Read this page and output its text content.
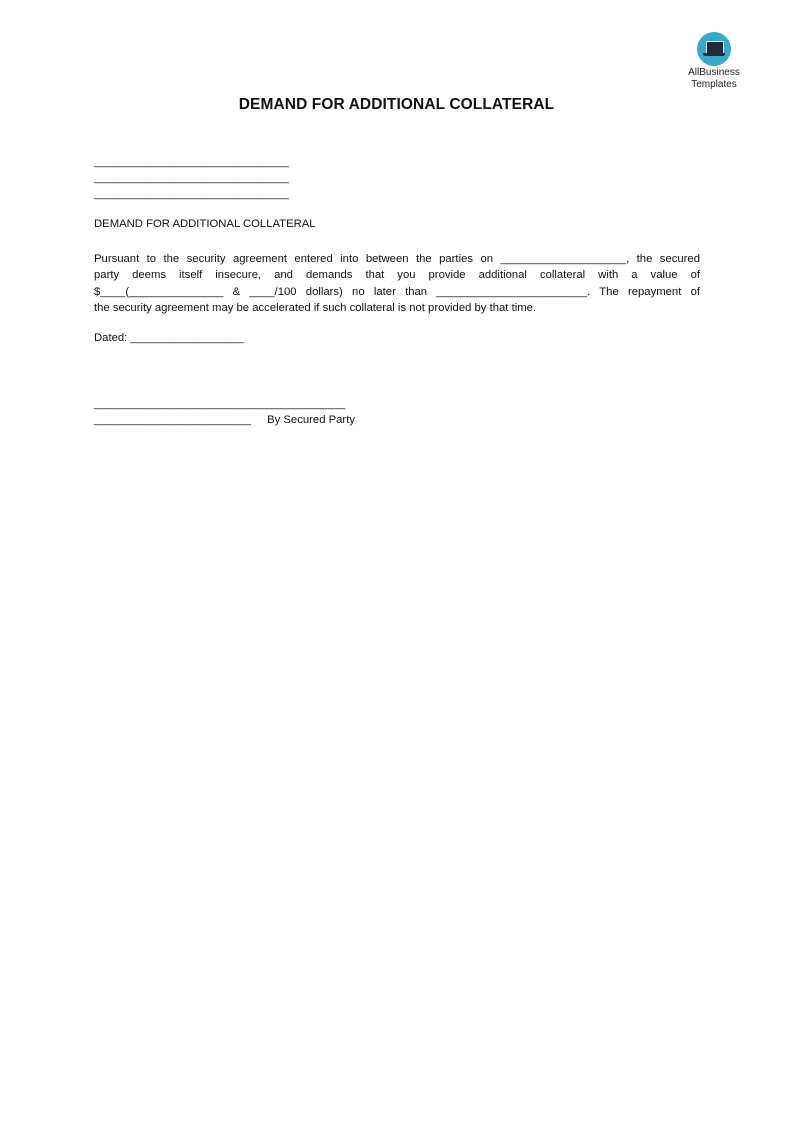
AllBusiness
Templates
DEMAND FOR ADDITIONAL COLLATERAL
_______________________________
_______________________________
_______________________________
DEMAND FOR ADDITIONAL COLLATERAL
Pursuant to the security agreement entered into between the parties on ____________________, the secured
party deems itself insecure, and demands that you provide additional collateral with a value of
$____(_______________ & ____/100 dollars) no later than ________________________. The repayment of
the security agreement may be accelerated if such collateral is not provided by that time.
Dated: __________________
________________________________________
_________________________ By Secured Party
